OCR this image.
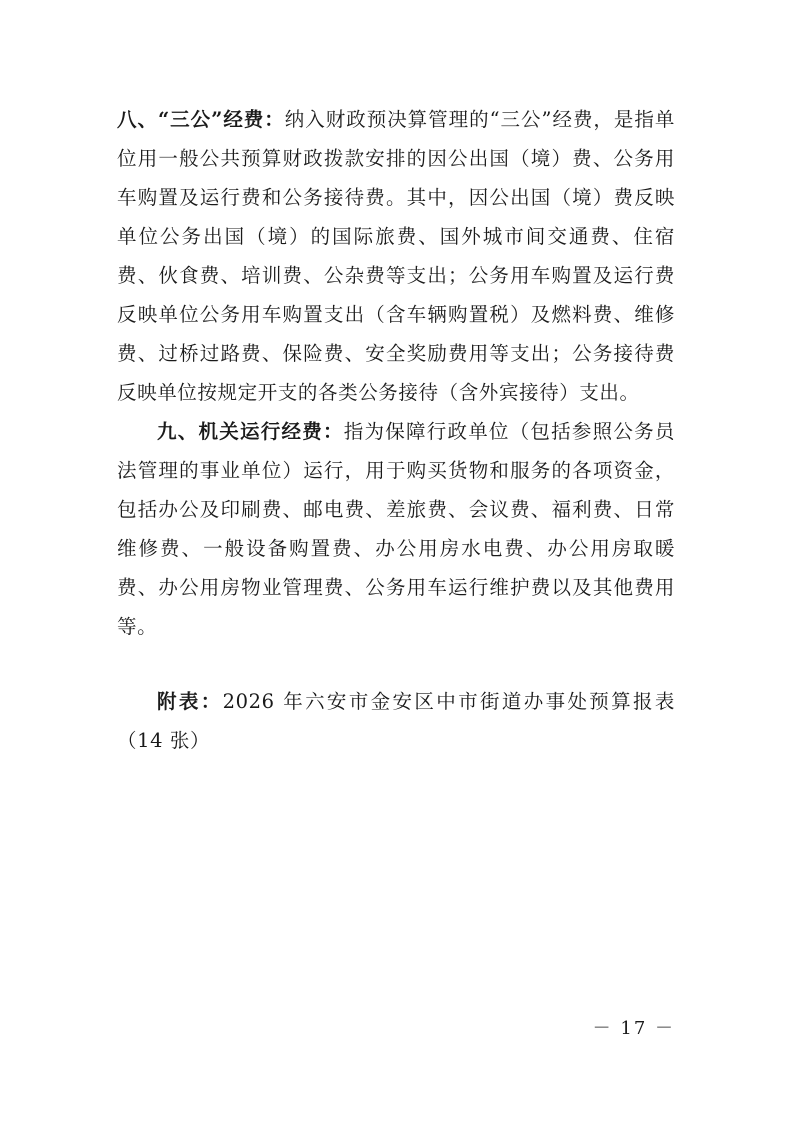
八、“三公”经费：纳入财政预决算管理的“三公”经费，是指单位用一般公共预算财政拨款安排的因公出国（境）费、公务用车购置及运行费和公务接待费。其中，因公出国（境）费反映单位公务出国（境）的国际旅费、国外城市间交通费、住宿费、伙食费、培训费、公杂费等支出；公务用车购置及运行费反映单位公务用车购置支出（含车辆购置税）及燃料费、维修费、过桥过路费、保险费、安全奖励费用等支出；公务接待费反映单位按规定开支的各类公务接待（含外宾接待）支出。

九、机关运行经费：指为保障行政单位（包括参照公务员法管理的事业单位）运行，用于购买货物和服务的各项资金，包括办公及印刷费、邮电费、差旅费、会议费、福利费、日常维修费、一般设备购置费、办公用房水电费、办公用房取暖费、办公用房物业管理费、公务用车运行维护费以及其他费用等。

附表：2026 年六安市金安区中市街道办事处预算报表（14 张）

－ 17 －
